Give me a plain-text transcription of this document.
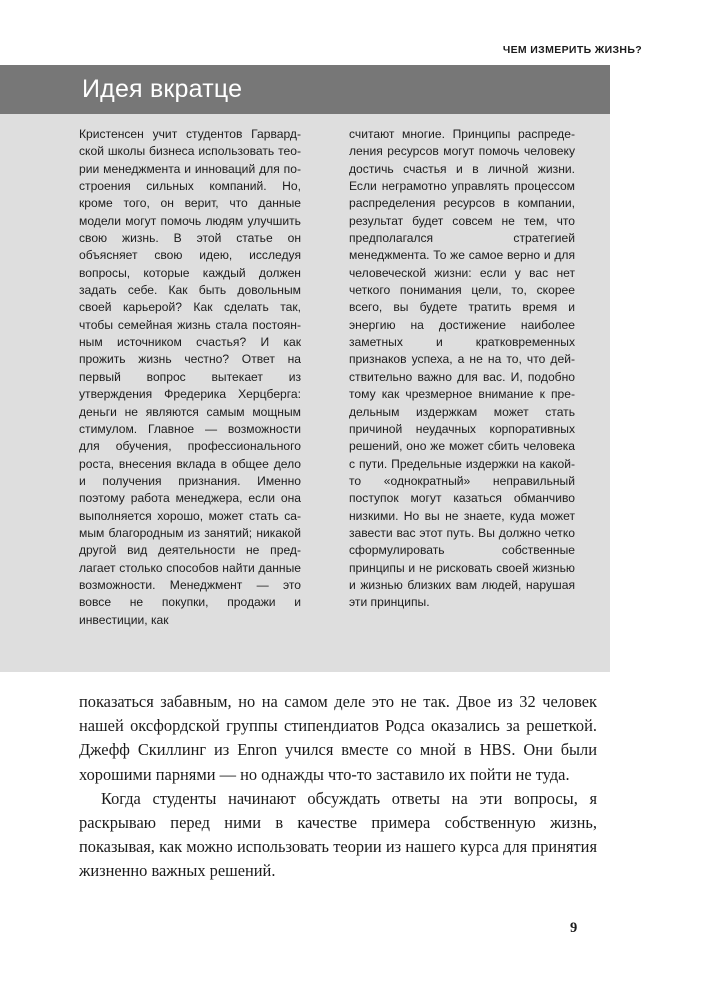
ЧЕМ ИЗМЕРИТЬ ЖИЗНЬ?
Идея вкратце

Кристенсен учит студентов Гарвардской школы бизнеса использовать теории менеджмента и инноваций для построения сильных компаний. Но, кроме того, он верит, что данные модели могут помочь людям улучшить свою жизнь. В этой статье он объясняет свою идею, исследуя вопросы, которые каждый должен задать себе. Как быть довольным своей карьерой? Как сделать так, чтобы семейная жизнь стала постоянным источником счастья? И как прожить жизнь честно? Ответ на первый вопрос вытекает из утверждения Фредерика Херцберга: деньги не являются самым мощным стимулом. Главное — возможности для обучения, профессионального роста, внесения вклада в общее дело и получения признания. Именно поэтому работа менеджера, если она выполняется хорошо, может стать самым благородным из занятий; никакой другой вид деятельности не предлагает столько способов найти данные возможности. Менеджмент — это вовсе не покупки, продажи и инвестиции, как

считают многие. Принципы распределения ресурсов могут помочь человеку достичь счастья и в личной жизни. Если неграмотно управлять процессом распределения ресурсов в компании, результат будет совсем не тем, что предполагался стратегией менеджмента. То же самое верно и для человеческой жизни: если у вас нет четкого понимания цели, то, скорее всего, вы будете тратить время и энергию на достижение наиболее заметных и кратковременных признаков успеха, а не на то, что действительно важно для вас. И, подобно тому как чрезмерное внимание к предельным издержкам может стать причиной неудачных корпоративных решений, оно же может сбить человека с пути. Предельные издержки на какой-то «однократный» неправильный поступок могут казаться обманчиво низкими. Но вы не знаете, куда может завести вас этот путь. Вы должно четко сформулировать собственные принципы и не рисковать своей жизнью и жизнью близких вам людей, нарушая эти принципы.

показаться забавным, но на самом деле это не так. Двое из 32 человек нашей оксфордской группы стипендиатов Родса оказались за решеткой. Джефф Скиллинг из Enron учился вместе со мной в HBS. Они были хорошими парнями — но однажды что-то заставило их пойти не туда.

Когда студенты начинают обсуждать ответы на эти вопросы, я раскрываю перед ними в качестве примера собственную жизнь, показывая, как можно использовать теории из нашего курса для принятия жизненно важных решений.

9
